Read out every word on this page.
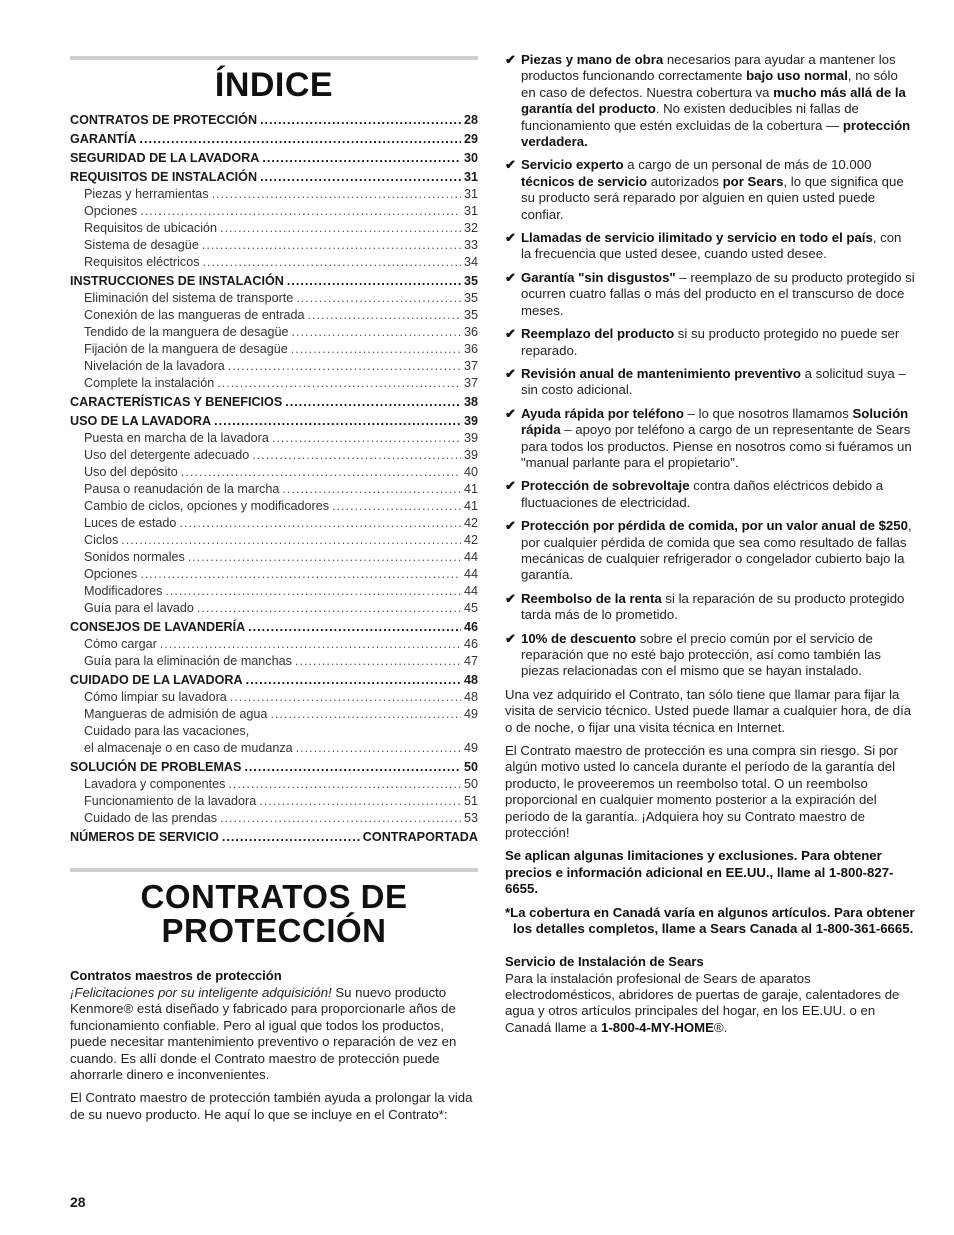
ÍNDICE
CONTRATOS DE PROTECCIÓN .....	28
GARANTÍA .....	29
SEGURIDAD DE LA LAVADORA .....	30
REQUISITOS DE INSTALACIÓN .....	31
Piezas y herramientas .....	31
Opciones .....	31
Requisitos de ubicación .....	32
Sistema de desagüe .....	33
Requisitos eléctricos .....	34
INSTRUCCIONES DE INSTALACIÓN .....	35
Eliminación del sistema de transporte .....	35
Conexión de las mangueras de entrada .....	35
Tendido de la manguera de desagüe .....	36
Fijación de la manguera de desagüe .....	36
Nivelación de la lavadora .....	37
Complete la instalación .....	37
CARACTERÍSTICAS Y BENEFICIOS .....	38
USO DE LA LAVADORA .....	39
Puesta en marcha de la lavadora .....	39
Uso del detergente adecuado .....	39
Uso del depósito .....	40
Pausa o reanudación de la marcha .....	41
Cambio de ciclos, opciones y modificadores .....	41
Luces de estado .....	42
Ciclos .....	42
Sonidos normales .....	44
Opciones .....	44
Modificadores .....	44
Guía para el lavado .....	45
CONSEJOS DE LAVANDERÍA .....	46
Cómo cargar .....	46
Guía para la eliminación de manchas .....	47
CUIDADO DE LA LAVADORA .....	48
Cómo limpiar su lavadora .....	48
Mangueras de admisión de agua .....	49
Cuidado para las vacaciones,
el almacenaje o en caso de mudanza .....	49
SOLUCIÓN DE PROBLEMAS .....	50
Lavadora y componentes .....	50
Funcionamiento de la lavadora .....	51
Cuidado de las prendas .....	53
NÚMEROS DE SERVICIO .....	CONTRAPORTADA
CONTRATOS DE
PROTECCIÓN
Contratos maestros de protección
¡Felicitaciones por su inteligente adquisición! Su nuevo producto Kenmore® está diseñado y fabricado para proporcionarle años de funcionamiento confiable. Pero al igual que todos los productos, puede necesitar mantenimiento preventivo o reparación de vez en cuando. Es allí donde el Contrato maestro de protección puede ahorrarle dinero e inconvenientes.
El Contrato maestro de protección también ayuda a prolongar la vida de su nuevo producto. He aquí lo que se incluye en el Contrato*:
✔ Piezas y mano de obra necesarios para ayudar a mantener los productos funcionando correctamente bajo uso normal, no sólo en caso de defectos. Nuestra cobertura va mucho más allá de la garantía del producto. No existen deducibles ni fallas de funcionamiento que estén excluidas de la cobertura — protección verdadera.
✔ Servicio experto a cargo de un personal de más de 10.000 técnicos de servicio autorizados por Sears, lo que significa que su producto será reparado por alguien en quien usted puede confiar.
✔ Llamadas de servicio ilimitado y servicio en todo el país, con la frecuencia que usted desee, cuando usted desee.
✔ Garantía "sin disgustos" – reemplazo de su producto protegido si ocurren cuatro fallas o más del producto en el transcurso de doce meses.
✔ Reemplazo del producto si su producto protegido no puede ser reparado.
✔ Revisión anual de mantenimiento preventivo a solicitud suya – sin costo adicional.
✔ Ayuda rápida por teléfono – lo que nosotros llamamos Solución rápida – apoyo por teléfono a cargo de un representante de Sears para todos los productos. Piense en nosotros como si fuéramos un "manual parlante para el propietario".
✔ Protección de sobrevoltaje contra daños eléctricos debido a fluctuaciones de electricidad.
✔ Protección por pérdida de comida, por un valor anual de $250, por cualquier pérdida de comida que sea como resultado de fallas mecánicas de cualquier refrigerador o congelador cubierto bajo la garantía.
✔ Reembolso de la renta si la reparación de su producto protegido tarda más de lo prometido.
✔ 10% de descuento sobre el precio común por el servicio de reparación que no esté bajo protección, así como también las piezas relacionadas con el mismo que se hayan instalado.
Una vez adquirido el Contrato, tan sólo tiene que llamar para fijar la visita de servicio técnico. Usted puede llamar a cualquier hora, de día o de noche, o fijar una visita técnica en Internet.
El Contrato maestro de protección es una compra sin riesgo. Si por algún motivo usted lo cancela durante el período de la garantía del producto, le proveeremos un reembolso total. O un reembolso proporcional en cualquier momento posterior a la expiración del período de la garantía. ¡Adquiera hoy su Contrato maestro de protección!
Se aplican algunas limitaciones y exclusiones. Para obtener precios e información adicional en EE.UU., llame al 1-800-827-6655.
*La cobertura en Canadá varía en algunos artículos. Para obtener los detalles completos, llame a Sears Canada al 1-800-361-6665.
Servicio de Instalación de Sears
Para la instalación profesional de Sears de aparatos electrodomésticos, abridores de puertas de garaje, calentadores de agua y otros artículos principales del hogar, en los EE.UU. o en Canadá llame a 1-800-4-MY-HOME®.
28
